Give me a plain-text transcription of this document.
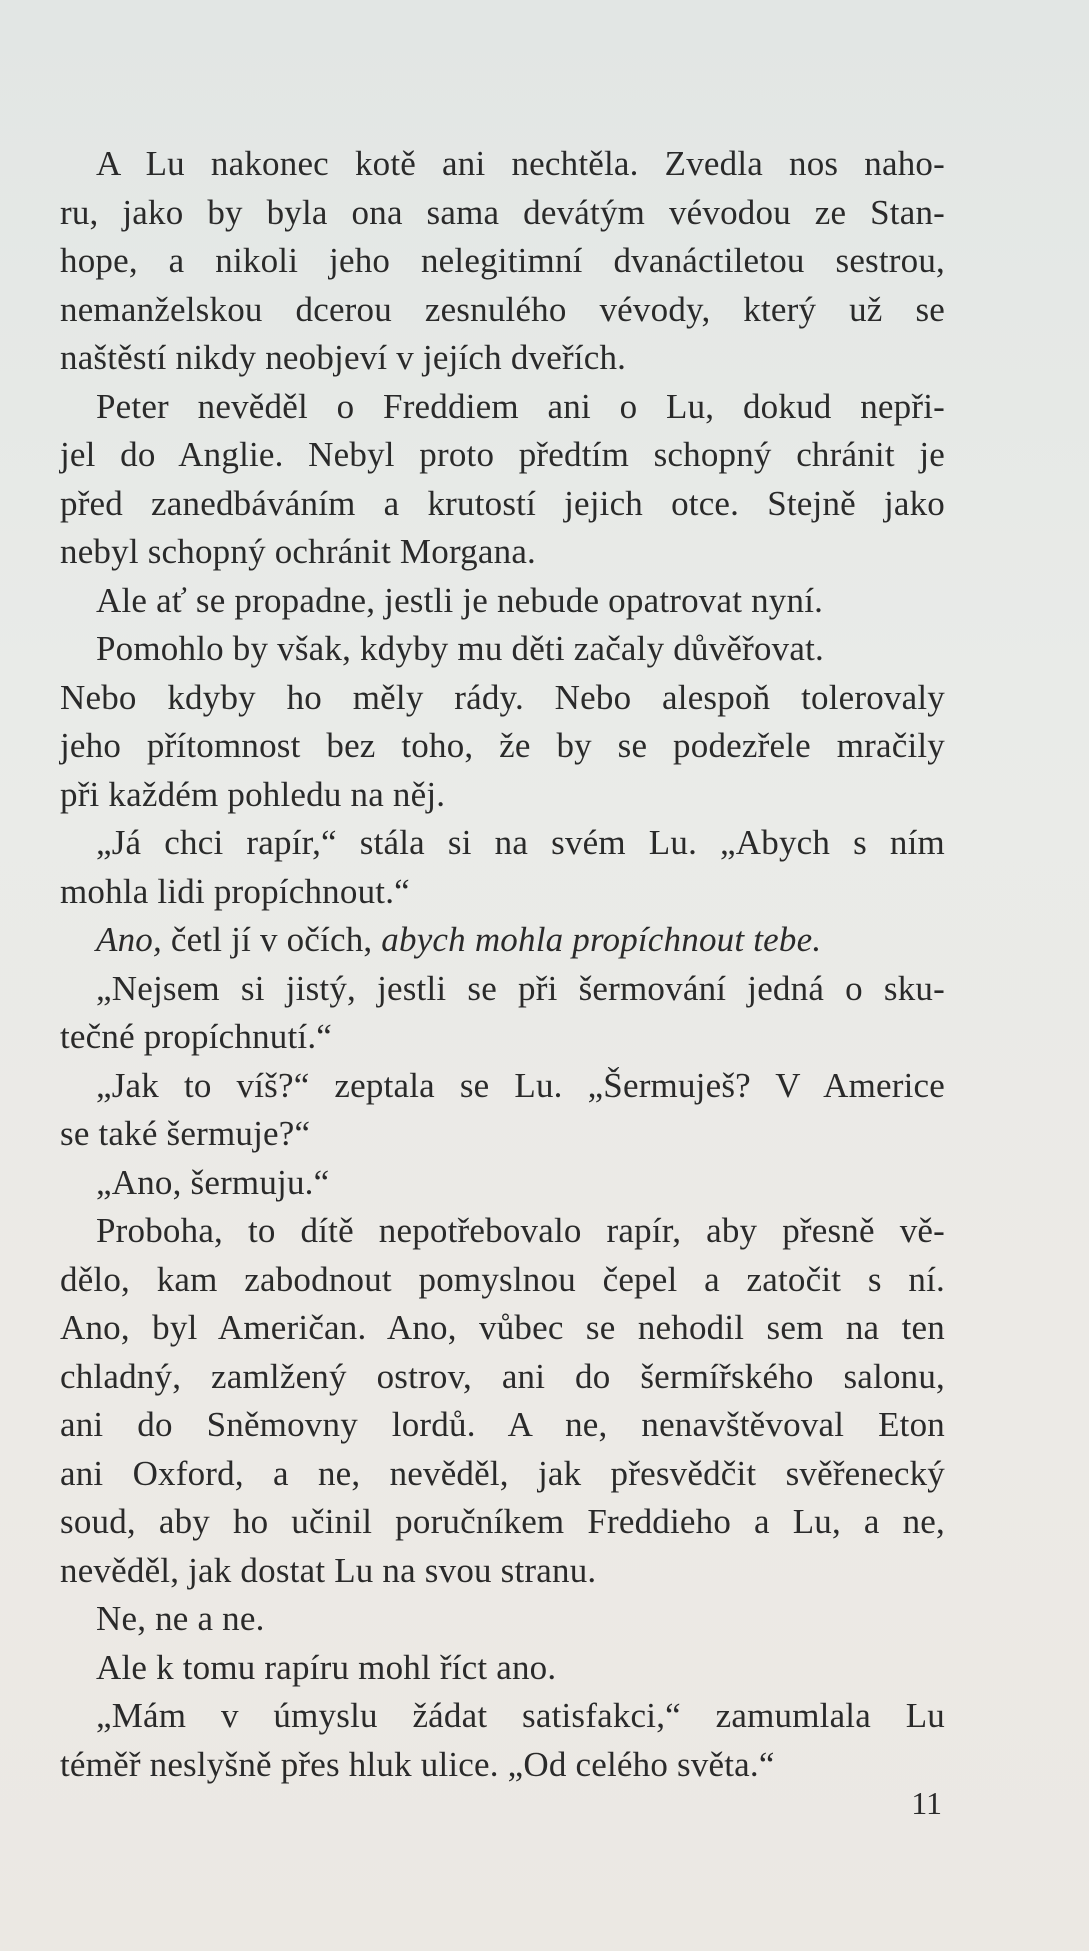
A Lu nakonec kotě ani nechtěla. Zvedla nos naho-
ru, jako by byla ona sama devátým vévodou ze Stan-
hope, a nikoli jeho nelegitimní dvanáctiletou sestrou,
nemanželskou dcerou zesnulého vévody, který už se
naštěstí nikdy neobjeví v jejích dveřích.
Peter nevěděl o Freddiem ani o Lu, dokud nepři-
jel do Anglie. Nebyl proto předtím schopný chránit je
před zanedbáváním a krutostí jejich otce. Stejně jako
nebyl schopný ochránit Morgana.
Ale ať se propadne, jestli je nebude opatrovat nyní.
Pomohlo by však, kdyby mu děti začaly důvěřovat.
Nebo kdyby ho měly rády. Nebo alespoň tolerovaly
jeho přítomnost bez toho, že by se podezřele mračily
při každém pohledu na něj.
„Já chci rapír,“ stála si na svém Lu. „Abych s ním
mohla lidi propíchnout.“
Ano, četl jí v očích, abych mohla propíchnout tebe.
„Nejsem si jistý, jestli se při šermování jedná o sku-
tečné propíchnutí.“
„Jak to víš?“ zeptala se Lu. „Šermuješ? V Americe
se také šermuje?“
„Ano, šermuju.“
Proboha, to dítě nepotřebovalo rapír, aby přesně vě-
dělo, kam zabodnout pomyslnou čepel a zatočit s ní.
Ano, byl Američan. Ano, vůbec se nehodil sem na ten
chladný, zamlžený ostrov, ani do šermířského salonu,
ani do Sněmovny lordů. A ne, nenavštěvoval Eton
ani Oxford, a ne, nevěděl, jak přesvědčit svěřenecký
soud, aby ho učinil poručníkem Freddieho a Lu, a ne,
nevěděl, jak dostat Lu na svou stranu.
Ne, ne a ne.
Ale k tomu rapíru mohl říct ano.
„Mám v úmyslu žádat satisfakci,“ zamumlala Lu
téměř neslyšně přes hluk ulice. „Od celého světa.“
11
